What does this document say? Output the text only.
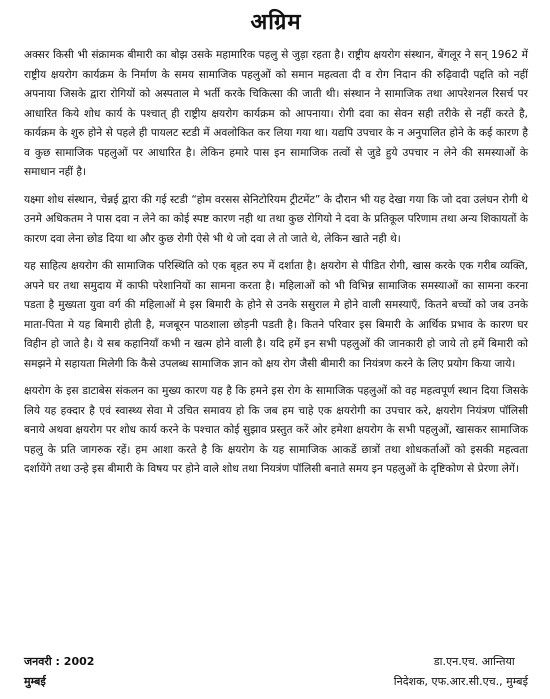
अग्रिम

अक्सर किसी भी संक्रामक बीमारी का बोझ उसके महामारिक पहलु से जुड़ा रहता है। राष्ट्रीय क्षयरोग संस्थान, बेंगलूर ने सन् 1962 में राष्ट्रीय क्षयरोग कार्यक्रम के निर्माण के समय सामाजिक पहलुओं को समान महत्वता दी व रोग निदान की रुढ़िवादी पद्दति को नहीं अपनाया जिसके द्वारा रोगियों को अस्पताल मे भर्ती करके चिकित्सा की जाती थी। संस्थान ने सामाजिक तथा आपरेशनल रिसर्च पर आधारित किये शोध कार्य के पश्चात् ही राष्ट्रीय क्षयरोग कार्यक्रम को आपनाया। रोगी दवा का सेवन सही तरीके से नहीं करते है, कार्यक्रम के शुरु होने से पहले ही पायलट स्टडी में अवलोकित कर लिया गया था। यद्यपि उपचार के न अनुपालित होने के कई कारण है व कुछ सामाजिक पहलुओं पर आधारित है। लेकिन हमारे पास इन सामाजिक तत्वों से जुडे हुये उपचार न लेने की समस्याओं के समाधान नहीं है।

यक्ष्मा शोध संस्थान, चेन्नई द्वारा की गई स्टडी “होम वरसस सेनिटोरियम ट्रीटमेंट” के दौरान भी यह देखा गया कि जो दवा उलंघन रोगी थे उनमे अधिकतम ने पास दवा न लेने का कोई स्पष्ट कारण नही था तथा कुछ रोगियो ने दवा के प्रतिकूल परिणाम तथा अन्य शिकायतों के कारण दवा लेना छोड दिया था और कुछ रोगी ऐसे भी थे जो दवा ले तो जाते थे, लेकिन खाते नही थे।

यह साहित्य क्षयरोग की सामाजिक परिस्थिति को एक बृहत रुप में दर्शाता है। क्षयरोग से पीडित रोगी, खास करके एक गरीब व्यक्ति, अपने घर तथा समुदाय में काफी परेशानियों का सामना करता है। महिलाओं को भी विभिन्न सामाजिक समस्याओं का सामना करना पडता है मुख्यता युवा वर्ग की महिलाओं मे इस बिमारी के होने से उनके ससुराल मे होने वाली समस्याएँ, कितने बच्चों को जब उनके माता-पिता मे यह बिमारी होती है, मजबूरन पाठशाला छोड़नी पडती है। कितने परिवार इस बिमारी के आर्थिक प्रभाव के कारण घर विहीन हो जाते है। ये सब कहानियाँ कभी न खत्म होने वाली है। यदि हमें इन सभी पहलुओं की जानकारी हो जाये तो हमें बिमारी को समझने मे सहायता मिलेगी कि कैसे उपलब्ध सामाजिक ज्ञान को क्षय रोग जैसी बीमारी का नियंत्रण करने के लिए प्रयोग किया जाये।

क्षयरोग के इस डाटाबेस संकलन का मुख्य कारण यह है कि हमने इस रोग के सामाजिक पहलुओं को वह महत्वपूर्ण स्थान दिया जिसके लिये यह हक्दार है एवं स्वास्थ्य सेवा मे उचित समावय हो कि जब हम चाहे एक क्षयरोगी का उपचार करे, क्षयरोग नियंत्रण पॉलिसी बनाये अथवा क्षयरोग पर शोध कार्य करने के पश्चात कोई सुझाव प्रस्तुत करें ओर हमेशा क्षयरोग के सभी पहलुओं, खासकर सामाजिक पहलु के प्रति जागरुक रहें। हम आशा करते है कि क्षयरोग के यह सामाजिक आकडें छात्रों तथा शोधकर्ताओं को इसकी महत्वता दर्शायेंगे तथा उन्हे इस बीमारी के विषय पर होने वाले शोध तथा नियत्रंण पॉलिसी बनाते समय इन पहलुओं के दृष्टिकोण से प्रेरणा लेगें।

जनवरी : 2002
मुम्बई
डा.एन.एच. आन्तिया
निदेशक, एफ.आर.सी.एच., मुम्बई
